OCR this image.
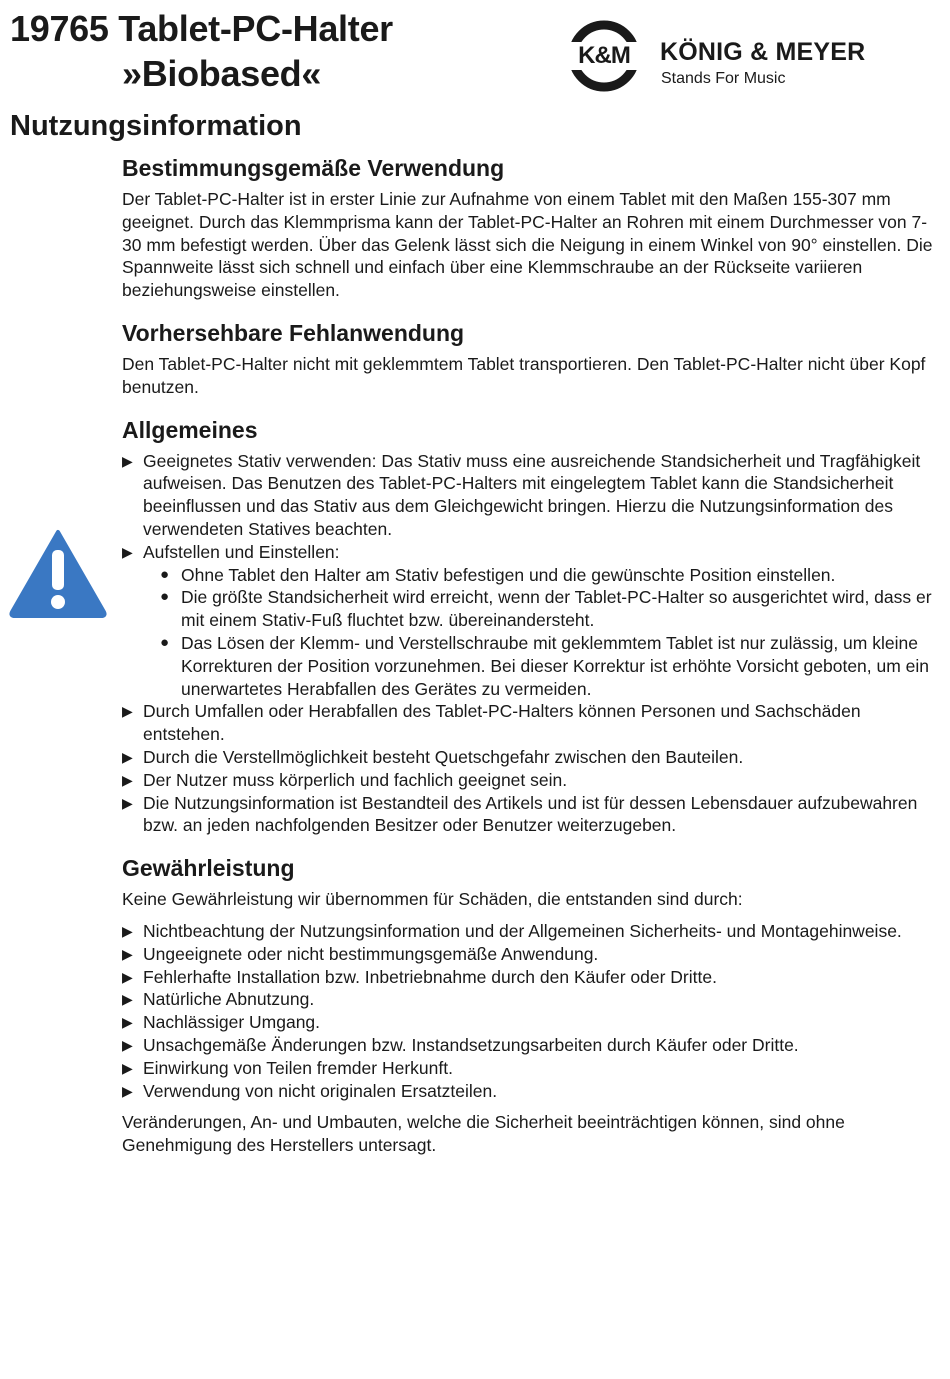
19765 Tablet-PC-Halter
»Biobased«	K&M	KÖNIG & MEYER
Stands For Music
Nutzungsinformation
Bestimmungsgemäße Verwendung

Der Tablet-PC-Halter ist in erster Linie zur Aufnahme von einem Tablet mit den Maßen 155-307 mm geeignet. Durch das Klemmprisma kann der Tablet-PC-Halter an Rohren mit einem Durchmesser von 7-30 mm befestigt werden. Über das Gelenk lässt sich die Neigung in einem Winkel von 90° einstellen. Die Spannweite lässt sich schnell und einfach über eine Klemmschraube an der Rückseite variieren beziehungsweise einstellen.

Vorhersehbare Fehlanwendung

Den Tablet-PC-Halter nicht mit geklemmtem Tablet transportieren. Den Tablet-PC-Halter nicht über Kopf benutzen.

Allgemeines
▶ Geeignetes Stativ verwenden: Das Stativ muss eine ausreichende Standsicherheit und Tragfähigkeit aufweisen. Das Benutzen des Tablet-PC-Halters mit eingelegtem Tablet kann die Standsicherheit beeinflussen und das Stativ aus dem Gleichgewicht bringen. Hierzu die Nutzungsinformation des verwendeten Statives beachten.
▶ Aufstellen und Einstellen:
● Ohne Tablet den Halter am Stativ befestigen und die gewünschte Position einstellen.
● Die größte Standsicherheit wird erreicht, wenn der Tablet-PC-Halter so ausgerichtet wird, dass er mit einem Stativ-Fuß fluchtet bzw. übereinandersteht.
● Das Lösen der Klemm- und Verstellschraube mit geklemmtem Tablet ist nur zulässig, um kleine Korrekturen der Position vorzunehmen. Bei dieser Korrektur ist erhöhte Vorsicht geboten, um ein unerwartetes Herabfallen des Gerätes zu vermeiden.
▶ Durch Umfallen oder Herabfallen des Tablet-PC-Halters können Personen und Sachschäden entstehen.
▶ Durch die Verstellmöglichkeit besteht Quetschgefahr zwischen den Bauteilen.
▶ Der Nutzer muss körperlich und fachlich geeignet sein.
▶ Die Nutzungsinformation ist Bestandteil des Artikels und ist für dessen Lebensdauer aufzubewahren bzw. an jeden nachfolgenden Besitzer oder Benutzer weiterzugeben.
Gewährleistung

Keine Gewährleistung wir übernommen für Schäden, die entstanden sind durch:

▶ Nichtbeachtung der Nutzungsinformation und der Allgemeinen Sicherheits- und Montagehinweise.
▶ Ungeeignete oder nicht bestimmungsgemäße Anwendung.
▶ Fehlerhafte Installation bzw. Inbetriebnahme durch den Käufer oder Dritte.
▶ Natürliche Abnutzung.
▶ Nachlässiger Umgang.
▶ Unsachgemäße Änderungen bzw. Instandsetzungsarbeiten durch Käufer oder Dritte.
▶ Einwirkung von Teilen fremder Herkunft.
▶ Verwendung von nicht originalen Ersatzteilen.

Veränderungen, An- und Umbauten, welche die Sicherheit beeinträchtigen können, sind ohne Genehmigung des Herstellers untersagt.
